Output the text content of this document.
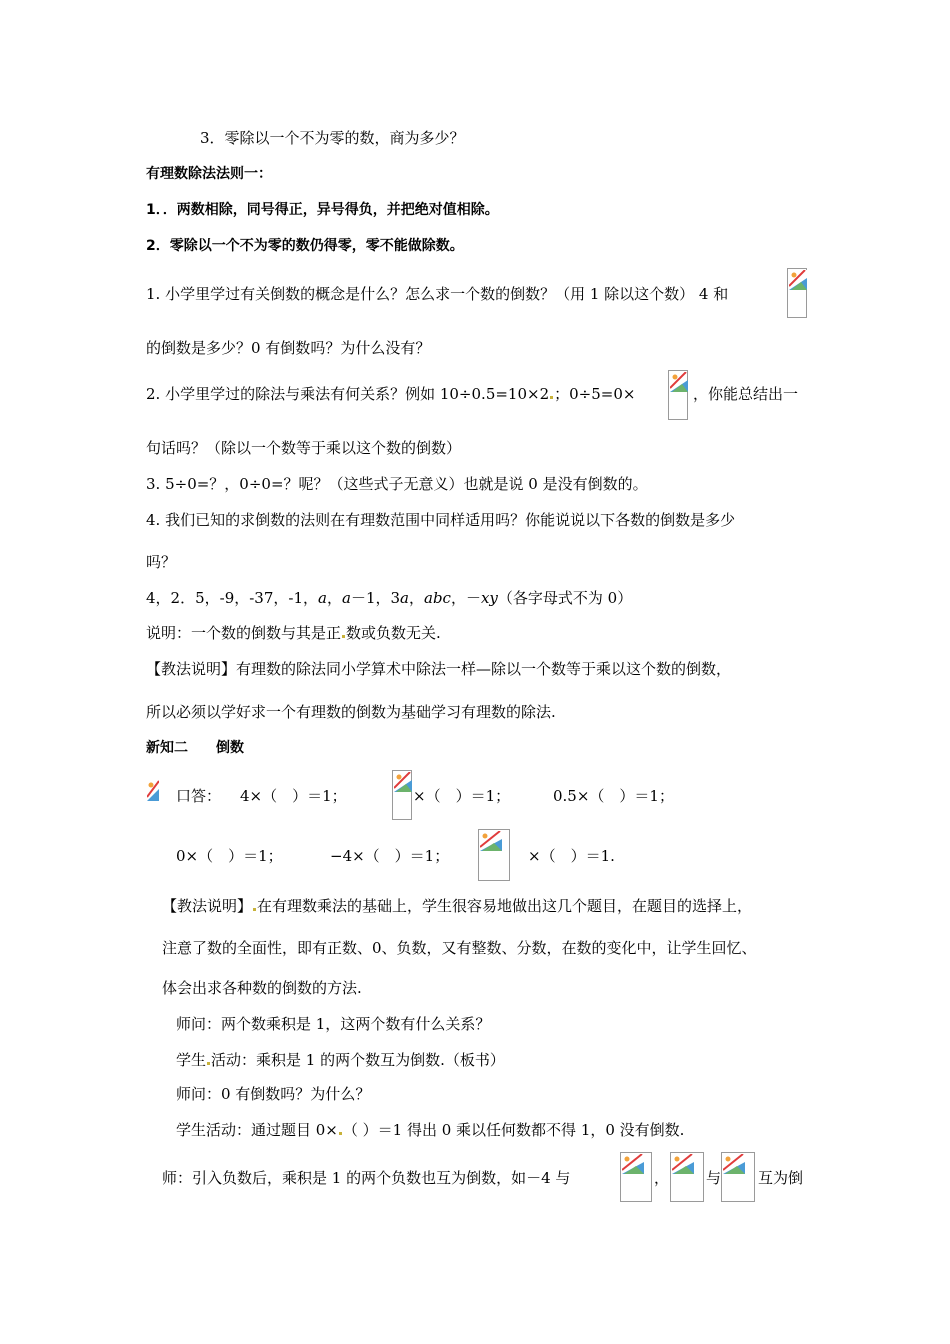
3．零除以一个不为零的数，商为多少？
有理数除法法则一：
1．．两数相除，同号得正，异号得负，并把绝对值相除。
2．零除以一个不为零的数仍得零，零不能做除数。
1. 小学里学过有关倒数的概念是什么？怎么求一个数的倒数？（用 1 除以这个数） 4 和
的倒数是多少？0 有倒数吗？为什么没有？
2. 小学里学过的除法与乘法有何关系？例如 10÷0.5=10×2 ；0÷5=0×	，你能总结出一
句话吗？（除以一个数等于乘以这个数的倒数）
3. 5÷0=？，0÷0=？呢？（这些式子无意义）也就是说 0 是没有倒数的。
4. 我们已知的求倒数的法则在有理数范围中同样适用吗？你能说说以下各数的倒数是多少
吗？
4，2．5，-9，-37，-1，a，a－1，3a，abc，－xy（各字母式不为 0）
说明：一个数的倒数与其是正 数或负数无关.
【教法说明】有理数的除法同小学算术中除法一样—除以一个数等于乘以这个数的倒数，
所以必须以学好求一个有理数的倒数为基础学习有理数的除法.
新知二　　倒数
口答： 4×（　）＝1；	×（　）＝1；	0.5×（　）＝1；
0×（　）＝1；	−4×（　）＝1；	×（　）＝1.
【教法说明】 在有理数乘法的基础上，学生很容易地做出这几个题目，在题目的选择上，
注意了数的全面性，即有正数、0、负数，又有整数、分数，在数的变化中，让学生回忆、
体会出求各种数的倒数的方法.
师问：两个数乘积是 1，这两个数有什么关系？
学生 活动：乘积是 1 的两个数互为倒数.（板书）
师问：0 有倒数吗？为什么？
学生活动：通过题目 0× （ ）＝1 得出 0 乘以任何数都不得 1，0 没有倒数.
师：引入负数后，乘积是 1 的两个负数也互为倒数，如－4 与	， 与 互为倒
